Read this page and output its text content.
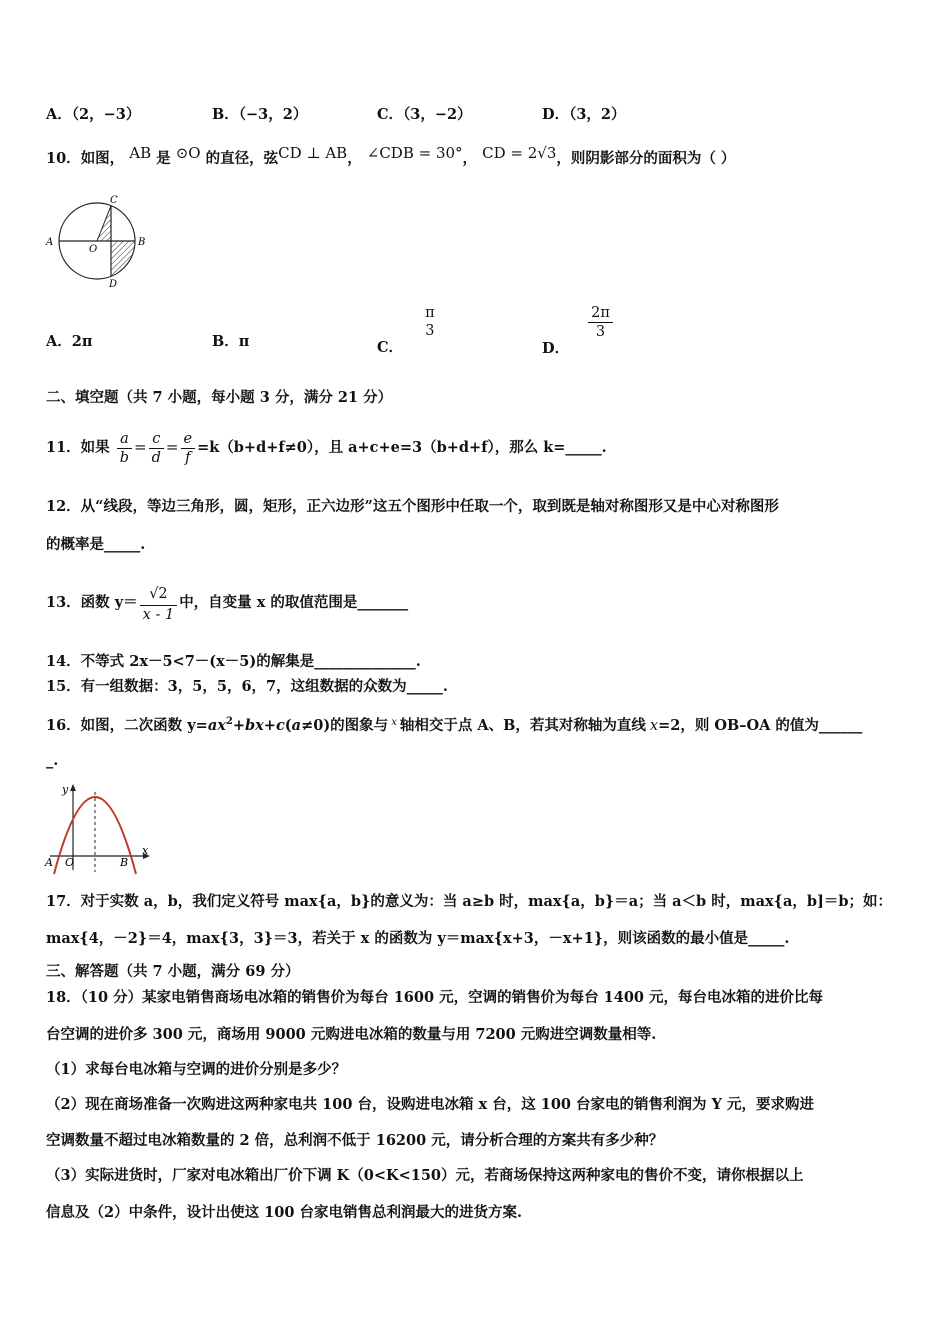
A．（2，−3）	B．（−3，2）	C．（3，−2）	D．（3，2）
10．如图， AB 是 ⊙O 的直径，弦CD ⊥ AB， ∠CDB = 30°， CD = 2√3，则阴影部分的面积为（ ）
A	B
C
D
O
A．2π	B．π	C．
π
3
D．
$\frac{2\pi}{3}$
二、填空题（共 7 小题，每小题 3 分，满分 21 分）
11．如果 $\frac{a}{b} = \frac{c}{d} = \frac{e}{f} =k(b+d+f\ne 0)$，且 a+c+e=3（b+d+f），那么 k=_____.
12．从“线段，等边三角形，圆，矩形，正六边形”这五个图形中任取一个，取到既是轴对称图形又是中心对称图形
的概率是_____.
13．函数 $y= \frac{√2}{x - 1}$ 中，自变量 x 的取值范围是_______
14．不等式 2x－5<7－(x－5)的解集是______________.
15．有一组数据：3，5，5，6，7，这组数据的众数为_____.
16．如图，二次函数 $y=ax^2+bx+c(a\ne 0)$的图象与 $^x$ 轴相交于点 A、B，若其对称轴为直线 x=2，则 OB–OA 的值为______
_.
y
x
A O	B
17．对于实数 a，b，我们定义符号 max{a，b}的意义为：当 a≥b 时，max{a，b}＝a；当 a＜b 时，max{a，b]＝b；如：
max{4，－2}＝4，max{3，3}＝3，若关于 x 的函数为 y＝max{x+3，－x+1}，则该函数的最小值是_____.
三、解答题（共 7 小题，满分 69 分）
18．（10 分）某家电销售商场电冰箱的销售价为每台 1600 元，空调的销售价为每台 1400 元，每台电冰箱的进价比每
台空调的进价多 300 元，商场用 9000 元购进电冰箱的数量与用 7200 元购进空调数量相等.
（1）求每台电冰箱与空调的进价分别是多少？
（2）现在商场准备一次购进这两种家电共 100 台，设购进电冰箱 x 台，这 100 台家电的销售利润为 Y 元，要求购进
空调数量不超过电冰箱数量的 2 倍，总利润不低于 16200 元，请分析合理的方案共有多少种？
（3）实际进货时，厂家对电冰箱出厂价下调 K（0<K<150）元，若商场保持这两种家电的售价不变，请你根据以上
信息及（2）中条件，设计出使这 100 台家电销售总利润最大的进货方案.
